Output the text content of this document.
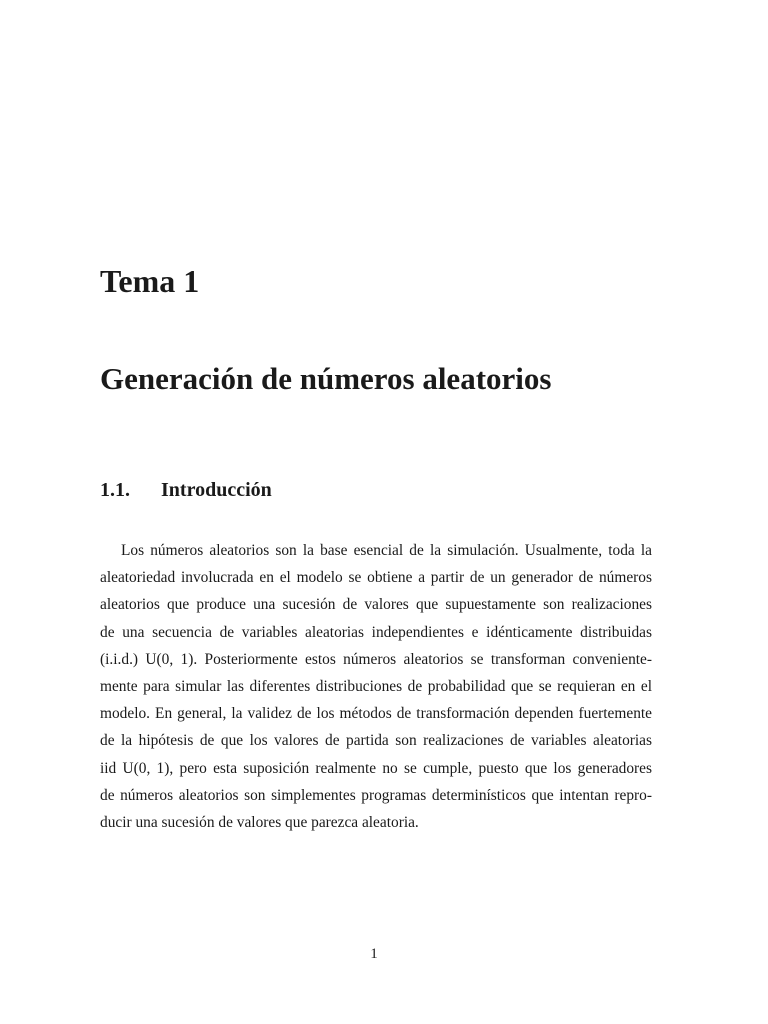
Tema 1
Generación de números aleatorios
1.1. Introducción
Los números aleatorios son la base esencial de la simulación. Usualmente, toda la
aleatoriedad involucrada en el modelo se obtiene a partir de un generador de números
aleatorios que produce una sucesión de valores que supuestamente son realizaciones
de una secuencia de variables aleatorias independientes e idénticamente distribuidas
(i.i.d.) U(0, 1). Posteriormente estos números aleatorios se transforman conveniente-
mente para simular las diferentes distribuciones de probabilidad que se requieran en el
modelo. En general, la validez de los métodos de transformación dependen fuertemente
de la hipótesis de que los valores de partida son realizaciones de variables aleatorias
iid U(0, 1), pero esta suposición realmente no se cumple, puesto que los generadores
de números aleatorios son simplementes programas determinísticos que intentan repro-
ducir una sucesión de valores que parezca aleatoria.
1
